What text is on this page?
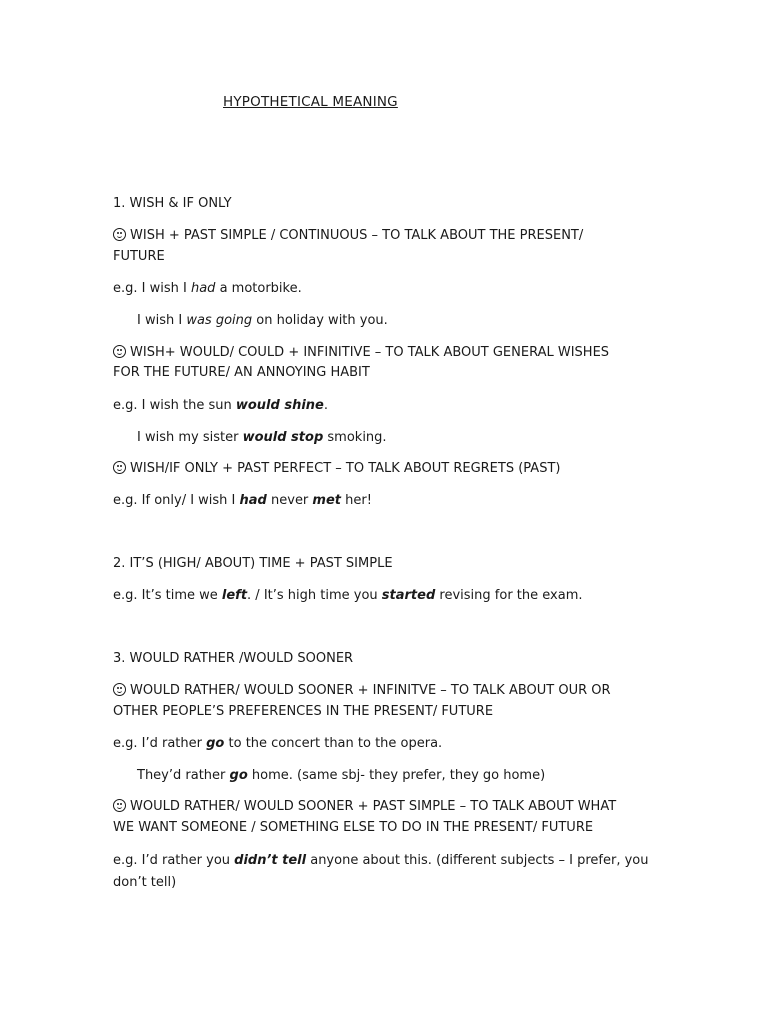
HYPOTHETICAL MEANING
1. WISH & IF ONLY
WISH + PAST SIMPLE / CONTINUOUS – TO TALK ABOUT THE PRESENT/
FUTURE
e.g. I wish I had a motorbike.
I wish I was going on holiday with you.
WISH+ WOULD/ COULD + INFINITIVE – TO TALK ABOUT GENERAL WISHES
FOR THE FUTURE/ AN ANNOYING HABIT
e.g. I wish the sun would shine.
I wish my sister would stop smoking.
WISH/IF ONLY + PAST PERFECT – TO TALK ABOUT REGRETS (PAST)
e.g. If only/ I wish I had never met her!
2. IT’S (HIGH/ ABOUT) TIME + PAST SIMPLE
e.g. It’s time we left. / It’s high time you started revising for the exam.
3. WOULD RATHER /WOULD SOONER
WOULD RATHER/ WOULD SOONER + INFINITVE – TO TALK ABOUT OUR OR
OTHER PEOPLE’S PREFERENCES IN THE PRESENT/ FUTURE
e.g. I’d rather go to the concert than to the opera.
They’d rather go home. (same sbj- they prefer, they go home)
WOULD RATHER/ WOULD SOONER + PAST SIMPLE – TO TALK ABOUT WHAT
WE WANT SOMEONE / SOMETHING ELSE TO DO IN THE PRESENT/ FUTURE
e.g. I’d rather you didn’t tell anyone about this. (different subjects – I prefer, you
don’t tell)
